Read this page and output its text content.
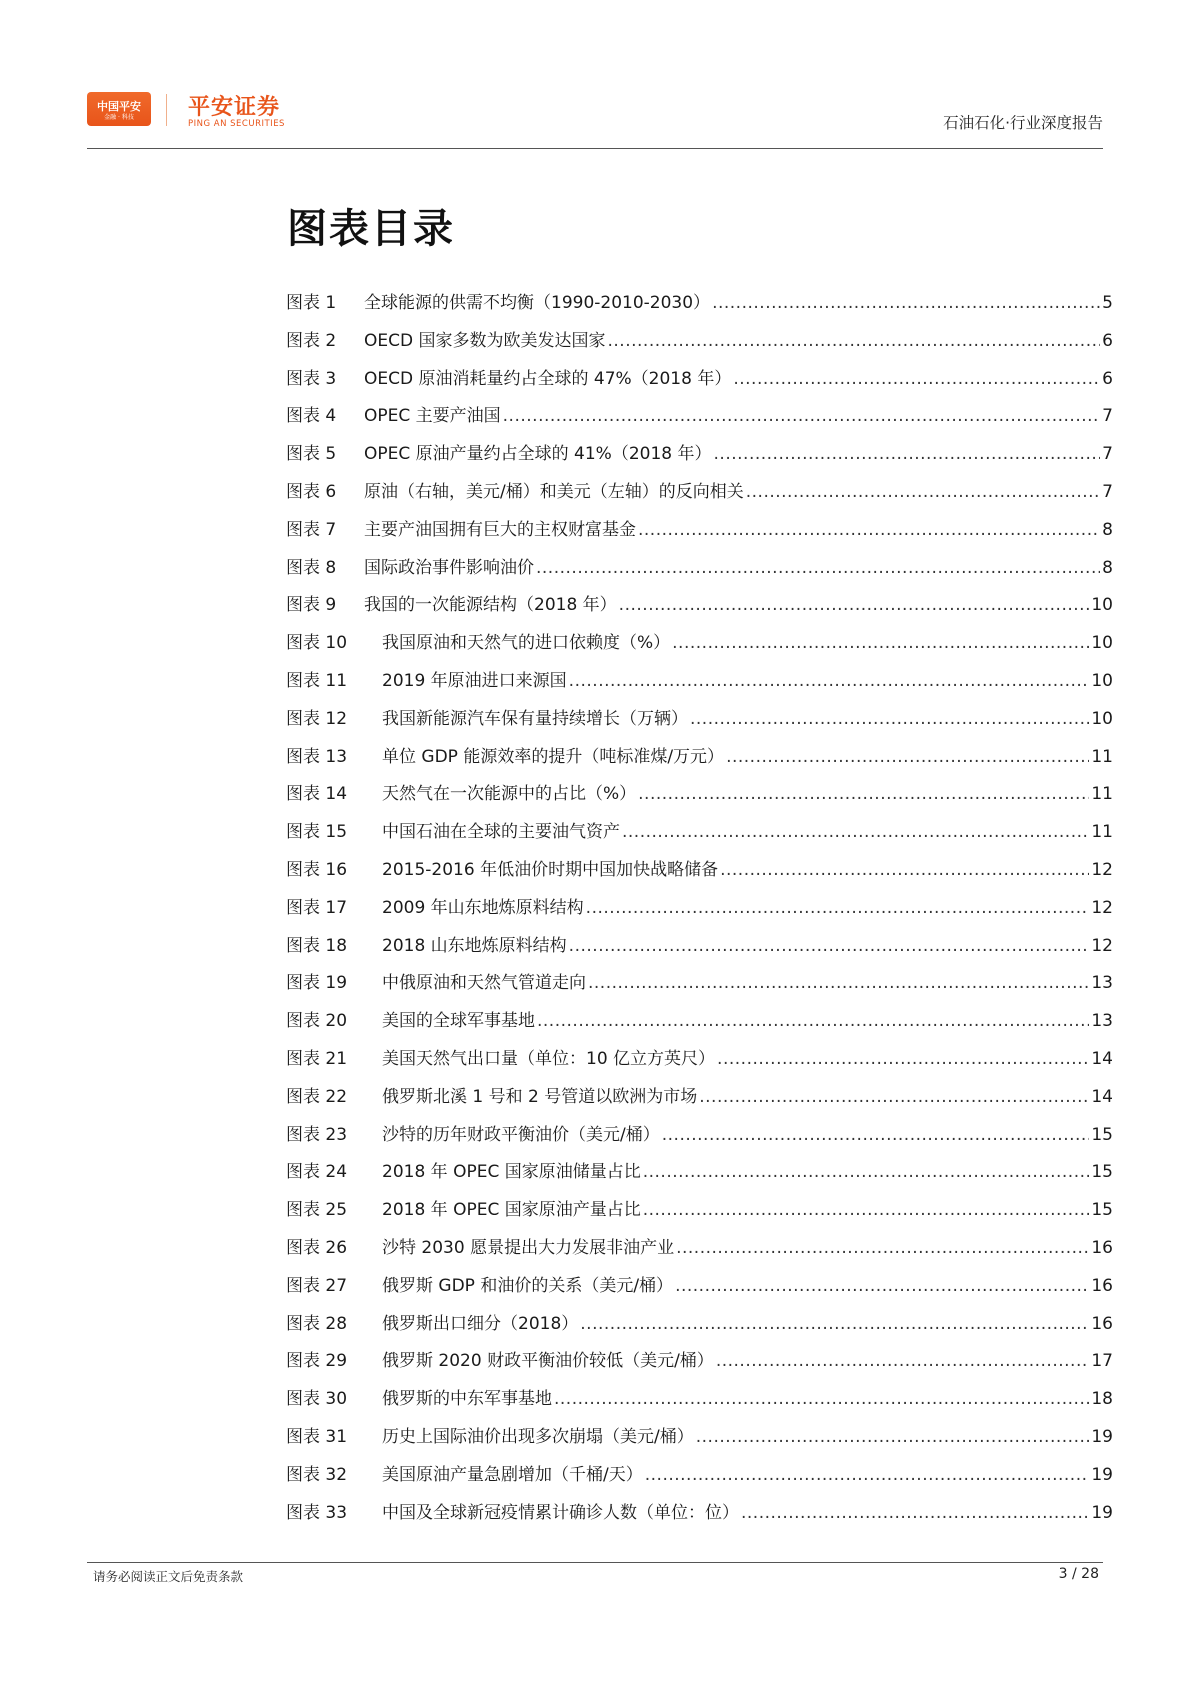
中国平安
金融 · 科技	平安证券
PING AN SECURITIES	石油石化·行业深度报告
图表目录
图表 1	全球能源的供需不均衡（1990-2010-2030） .....	5
图表 2	OECD 国家多数为欧美发达国家 .....	6
图表 3	OECD 原油消耗量约占全球的 47%（2018 年） .....	6
图表 4	OPEC 主要产油国 .....	7
图表 5	OPEC 原油产量约占全球的 41%（2018 年） .....	7
图表 6	原油（右轴，美元/桶）和美元（左轴）的反向相关 .....	7
图表 7	主要产油国拥有巨大的主权财富基金 .....	8
图表 8	国际政治事件影响油价 .....	8
图表 9	我国的一次能源结构（2018 年） .....	10
图表 10	我国原油和天然气的进口依赖度（%） .....	10
图表 11	2019 年原油进口来源国 .....	10
图表 12	我国新能源汽车保有量持续增长（万辆） .....	10
图表 13	单位 GDP 能源效率的提升（吨标准煤/万元） .....	11
图表 14	天然气在一次能源中的占比（%） .....	11
图表 15	中国石油在全球的主要油气资产 .....	11
图表 16	2015-2016 年低油价时期中国加快战略储备 .....	12
图表 17	2009 年山东地炼原料结构 .....	12
图表 18	2018 山东地炼原料结构 .....	12
图表 19	中俄原油和天然气管道走向 .....	13
图表 20	美国的全球军事基地 .....	13
图表 21	美国天然气出口量（单位：10 亿立方英尺） .....	14
图表 22	俄罗斯北溪 1 号和 2 号管道以欧洲为市场 .....	14
图表 23	沙特的历年财政平衡油价（美元/桶） .....	15
图表 24	2018 年 OPEC 国家原油储量占比 .....	15
图表 25	2018 年 OPEC 国家原油产量占比 .....	15
图表 26	沙特 2030 愿景提出大力发展非油产业 .....	16
图表 27	俄罗斯 GDP 和油价的关系（美元/桶） .....	16
图表 28	俄罗斯出口细分（2018） .....	16
图表 29	俄罗斯 2020 财政平衡油价较低（美元/桶） .....	17
图表 30	俄罗斯的中东军事基地 .....	18
图表 31	历史上国际油价出现多次崩塌（美元/桶） .....	19
图表 32	美国原油产量急剧增加（千桶/天） .....	19
图表 33	中国及全球新冠疫情累计确诊人数（单位：位） .....	19
请务必阅读正文后免责条款	3 / 28
